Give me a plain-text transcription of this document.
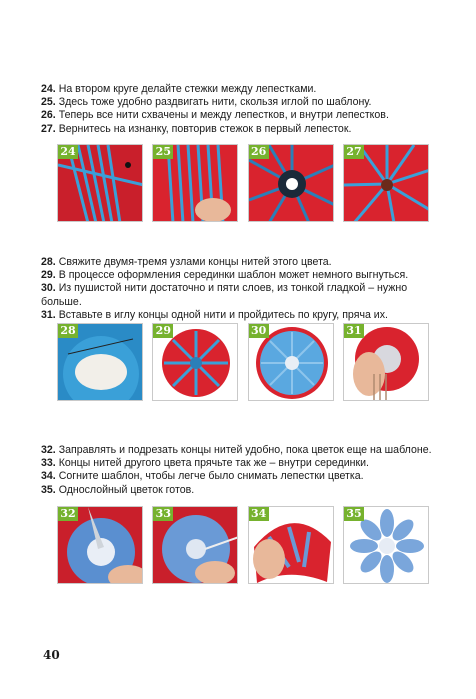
24. На втором круге делайте стежки между лепестками.
25. Здесь тоже удобно раздвигать нити, скользя иглой по шаблону.
26. Теперь все нити схвачены и между лепестков, и внутри лепестков.
27. Вернитесь на изнанку, повторив стежок в первый лепесток.
24	25	26	27
28. Свяжите двумя-тремя узлами концы нитей этого цвета.
29. В процессе оформления серединки шаблон может немного выгнуться.
30. Из пушистой нити достаточно и пяти слоев, из тонкой гладкой – нужно больше.
31. Вставьте в иглу концы одной нити и пройдитесь по кругу, пряча их.
28	29	30	31
32. Заправлять и подрезать концы нитей удобно, пока цветок еще на шаблоне.
33. Концы нитей другого цвета прячьте так же – внутри серединки.
34. Согните шаблон, чтобы легче было снимать лепестки цветка.
35. Однослойный цветок готов.
32	33	34	35
40
